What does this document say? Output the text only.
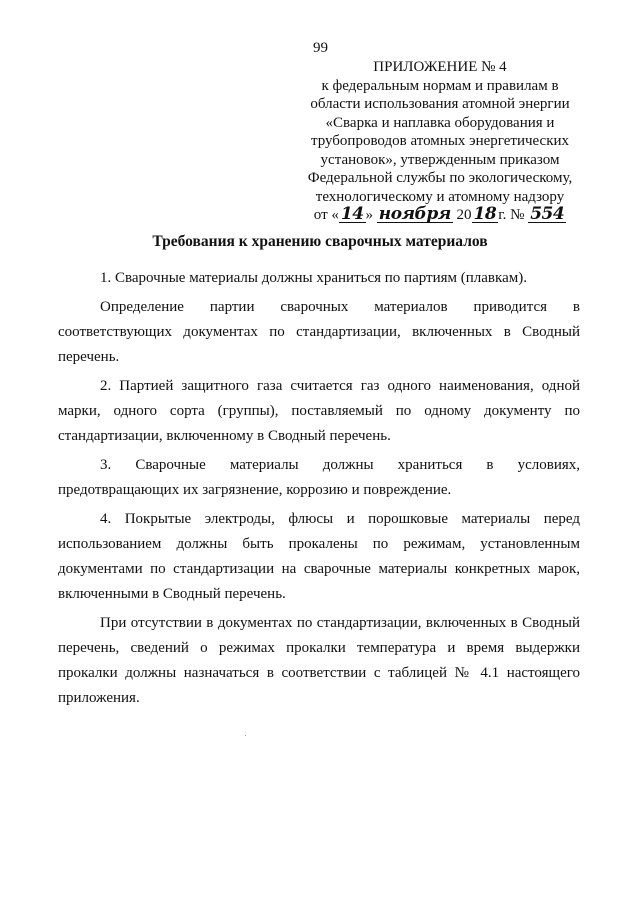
99
ПРИЛОЖЕНИЕ № 4
к федеральным нормам и правилам в
области использования атомной энергии
«Сварка и наплавка оборудования и
трубопроводов атомных энергетических
установок», утвержденным приказом
Федеральной службы по экологическому,
технологическому и атомному надзору
от « 14 » ноября 20 18 г. № 554
Требования к хранению сварочных материалов

1. Сварочные материалы должны храниться по партиям (плавкам).

Определение партии сварочных материалов приводится в соответствующих документах по стандартизации, включенных в Сводный перечень.

2. Партией защитного газа считается газ одного наименования, одной марки, одного сорта (группы), поставляемый по одному документу по стандартизации, включенному в Сводный перечень.

3. Сварочные материалы должны храниться в условиях, предотвращающих их загрязнение, коррозию и повреждение.

4. Покрытые электроды, флюсы и порошковые материалы перед использованием должны быть прокалены по режимам, установленным документами по стандартизации на сварочные материалы конкретных марок, включенными в Сводный перечень.

При отсутствии в документах по стандартизации, включенных в Сводный перечень, сведений о режимах прокалки температура и время выдержки прокалки должны назначаться в соответствии с таблицей № 4.1 настоящего приложения.
